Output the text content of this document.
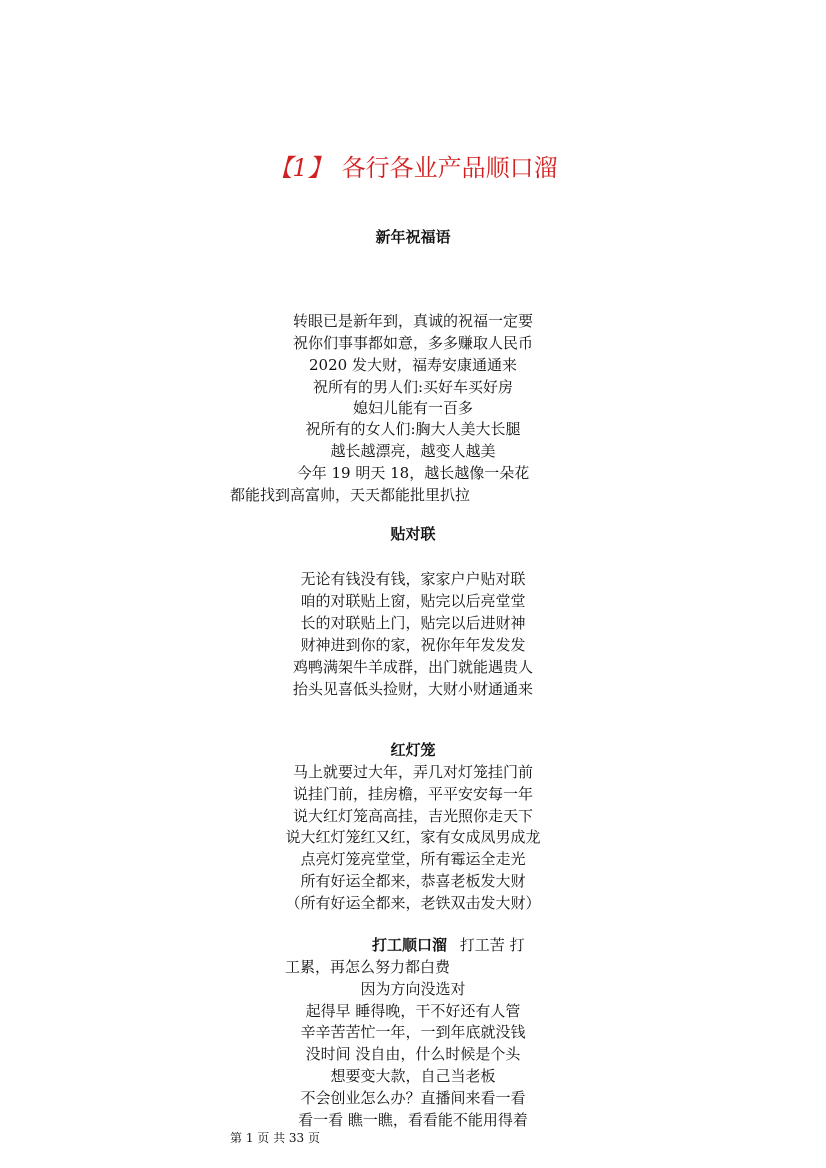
【1】 各行各业产品顺口溜
新年祝福语
转眼已是新年到，真诚的祝福一定要
祝你们事事都如意，多多赚取人民币
2020 发大财，福寿安康通通来
祝所有的男人们:买好车买好房
媳妇儿能有一百多
祝所有的女人们:胸大人美大长腿
越长越漂亮，越变人越美
今年 19 明天 18，越长越像一朵花
都能找到高富帅，天天都能批里扒拉
贴对联
无论有钱没有钱，家家户户贴对联
咱的对联贴上窗，贴完以后亮堂堂
长的对联贴上门，贴完以后进财神
财神进到你的家，祝你年年发发发
鸡鸭满架牛羊成群，出门就能遇贵人
抬头见喜低头捡财，大财小财通通来
红灯笼
马上就要过大年，弄几对灯笼挂门前
说挂门前，挂房檐，平平安安每一年
说大红灯笼高高挂，吉光照你走天下
说大红灯笼红又红，家有女成凤男成龙
点亮灯笼亮堂堂，所有霉运全走光
所有好运全都来，恭喜老板发大财
（所有好运全都来，老铁双击发大财）
打工顺口溜 打工苦 打
工累，再怎么努力都白费
因为方向没选对
起得早 睡得晚，干不好还有人管
辛辛苦苦忙一年，一到年底就没钱
没时间 没自由，什么时候是个头
想要变大款，自己当老板
不会创业怎么办？直播间来看一看
看一看 瞧一瞧，看看能不能用得着
第 1 页 共 33 页
